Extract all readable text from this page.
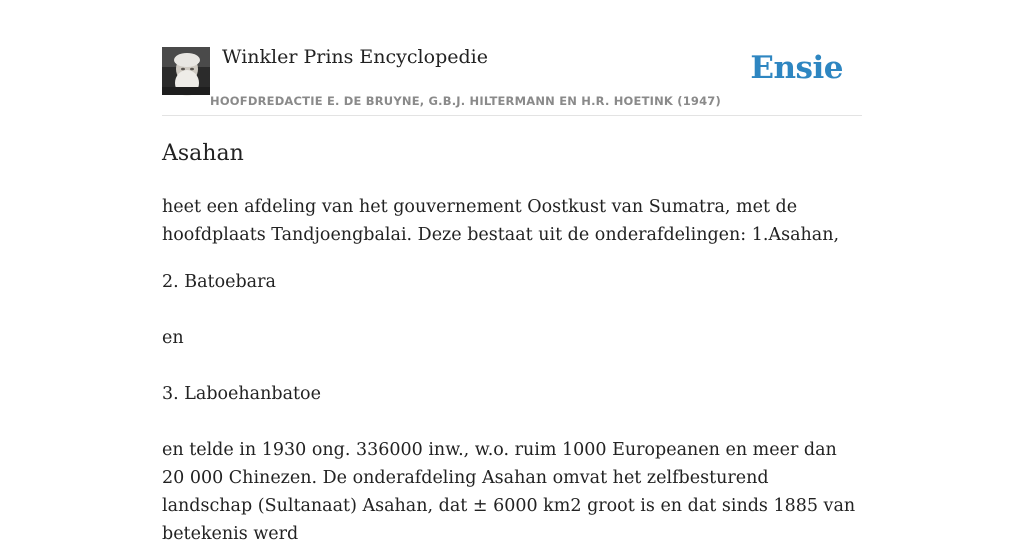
Winkler Prins Encyclopedie
HOOFDREDACTIE E. DE BRUYNE, G.B.J. HILTERMANN EN H.R. HOETINK (1947)
Ensie
Asahan

heet een afdeling van het gouvernement Oostkust van Sumatra, met de hoofdplaats Tandjoengbalai. Deze bestaat uit de onderafdelingen: 1.Asahan,

2. Batoebara

en

3. Laboehanbatoe

en telde in 1930 ong. 336000 inw., w.o. ruim 1000 Europeanen en meer dan 20 000 Chinezen. De onderafdeling Asahan omvat het zelfbesturend landschap (Sultanaat) Asahan, dat ± 6000 km2 groot is en dat sinds 1885 van betekenis werd
